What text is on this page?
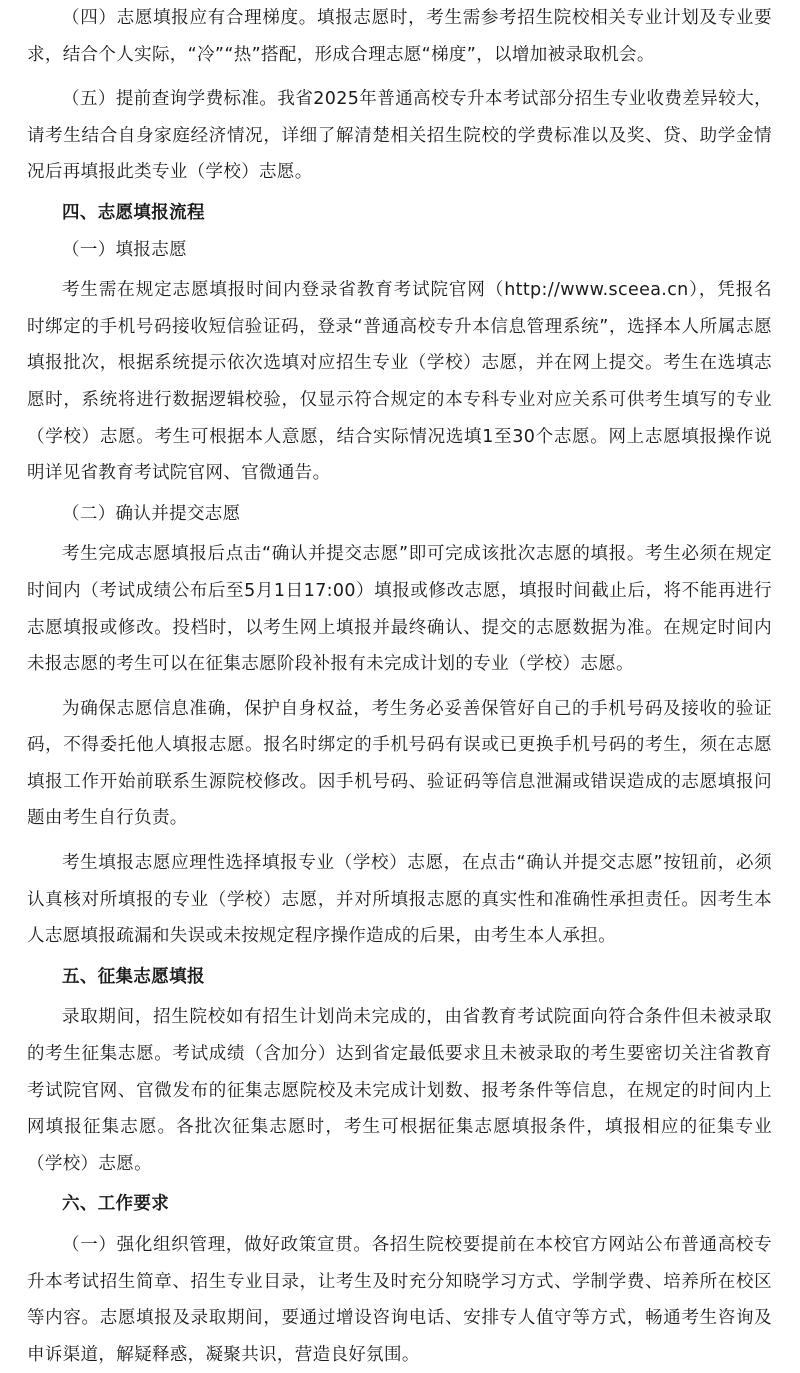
（四）志愿填报应有合理梯度。填报志愿时，考生需参考招生院校相关专业计划及专业要求，结合个人实际，“冷”“热”搭配，形成合理志愿“梯度”，以增加被录取机会。

（五）提前查询学费标准。我省2025年普通高校专升本考试部分招生专业收费差异较大，请考生结合自身家庭经济情况，详细了解清楚相关招生院校的学费标准以及奖、贷、助学金情况后再填报此类专业（学校）志愿。

四、志愿填报流程

（一）填报志愿

考生需在规定志愿填报时间内登录省教育考试院官网（http://www.sceea.cn），凭报名时绑定的手机号码接收短信验证码，登录“普通高校专升本信息管理系统”，选择本人所属志愿填报批次，根据系统提示依次选填对应招生专业（学校）志愿，并在网上提交。考生在选填志愿时，系统将进行数据逻辑校验，仅显示符合规定的本专科专业对应关系可供考生填写的专业（学校）志愿。考生可根据本人意愿，结合实际情况选填1至30个志愿。网上志愿填报操作说明详见省教育考试院官网、官微通告。

（二）确认并提交志愿

考生完成志愿填报后点击“确认并提交志愿”即可完成该批次志愿的填报。考生必须在规定时间内（考试成绩公布后至5月1日17:00）填报或修改志愿，填报时间截止后，将不能再进行志愿填报或修改。投档时，以考生网上填报并最终确认、提交的志愿数据为准。在规定时间内未报志愿的考生可以在征集志愿阶段补报有未完成计划的专业（学校）志愿。

为确保志愿信息准确，保护自身权益，考生务必妥善保管好自己的手机号码及接收的验证码，不得委托他人填报志愿。报名时绑定的手机号码有误或已更换手机号码的考生，须在志愿填报工作开始前联系生源院校修改。因手机号码、验证码等信息泄漏或错误造成的志愿填报问题由考生自行负责。

考生填报志愿应理性选择填报专业（学校）志愿，在点击“确认并提交志愿”按钮前，必须认真核对所填报的专业（学校）志愿，并对所填报志愿的真实性和准确性承担责任。因考生本人志愿填报疏漏和失误或未按规定程序操作造成的后果，由考生本人承担。

五、征集志愿填报

录取期间，招生院校如有招生计划尚未完成的，由省教育考试院面向符合条件但未被录取的考生征集志愿。考试成绩（含加分）达到省定最低要求且未被录取的考生要密切关注省教育考试院官网、官微发布的征集志愿院校及未完成计划数、报考条件等信息，在规定的时间内上网填报征集志愿。各批次征集志愿时，考生可根据征集志愿填报条件，填报相应的征集专业（学校）志愿。

六、工作要求

（一）强化组织管理，做好政策宣贯。各招生院校要提前在本校官方网站公布普通高校专升本考试招生简章、招生专业目录，让考生及时充分知晓学习方式、学制学费、培养所在校区等内容。志愿填报及录取期间，要通过增设咨询电话、安排专人值守等方式，畅通考生咨询及申诉渠道，解疑释惑，凝聚共识，营造良好氛围。
